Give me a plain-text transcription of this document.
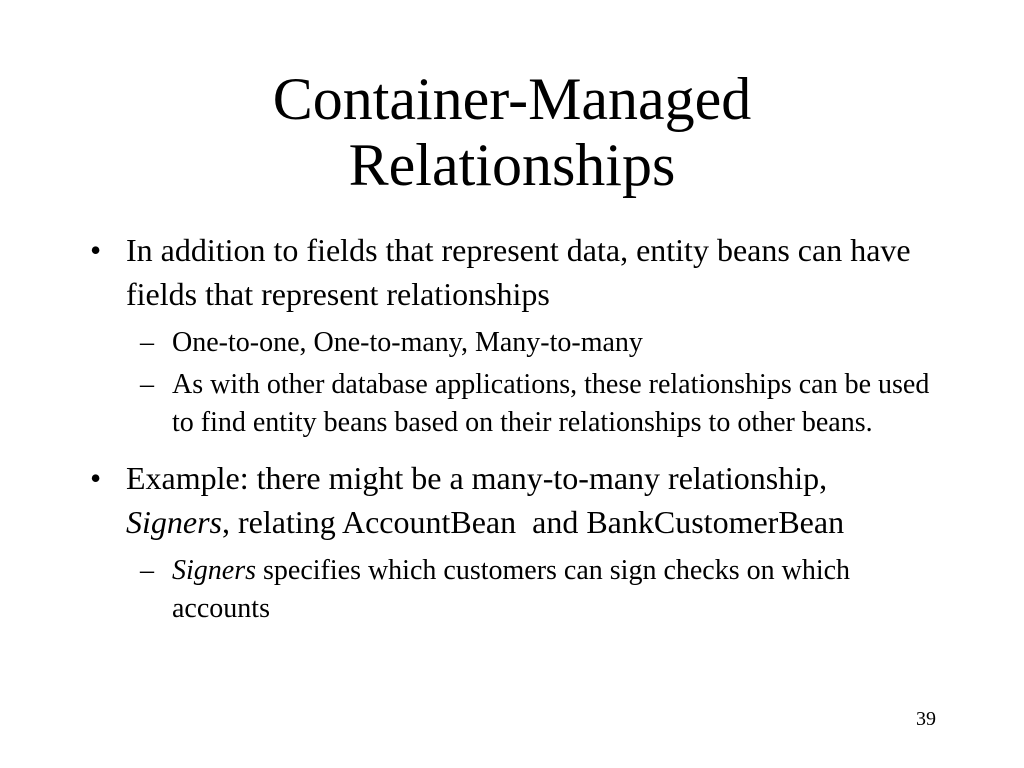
Container-Managed
Relationships
• In addition to fields that represent data, entity beans can have fields that represent relationships
– One-to-one, One-to-many, Many-to-many
– As with other database applications, these relationships can be used to find entity beans based on their relationships to other beans.
• Example: there might be a many-to-many relationship,  Signers, relating AccountBean  and BankCustomerBean
– Signers specifies which customers can sign checks on which accounts
39
